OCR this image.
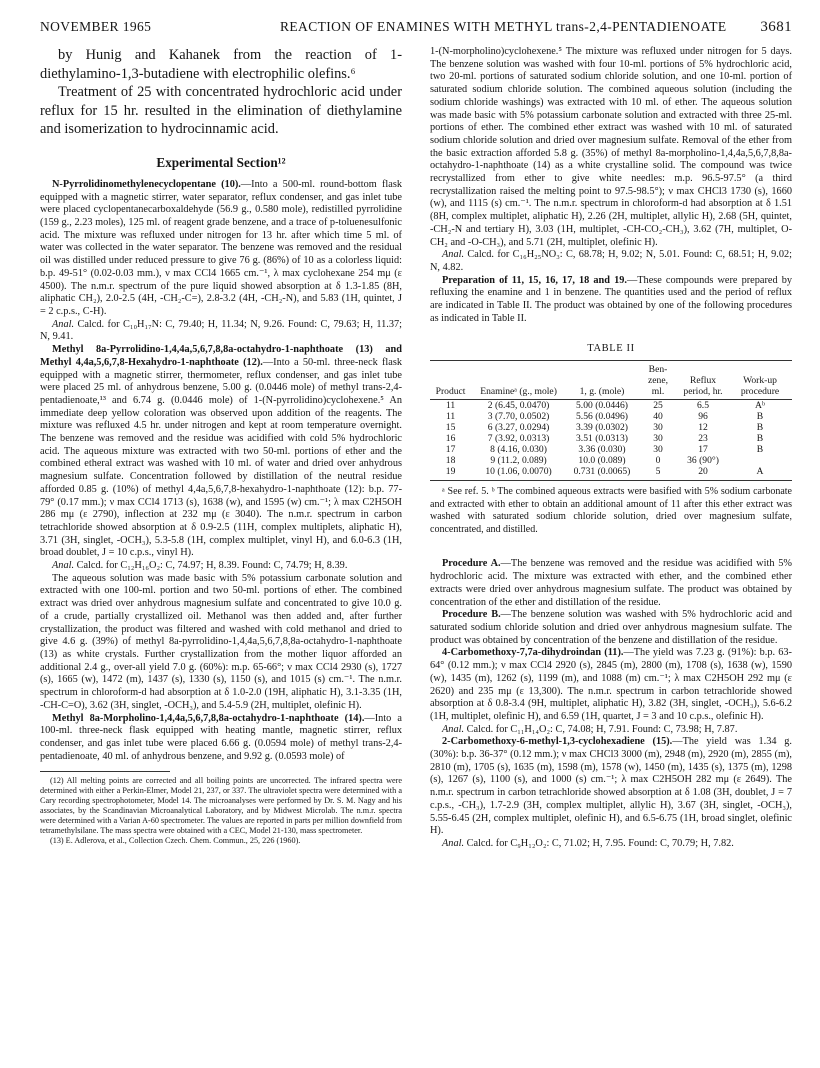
NOVEMBER 1965	REACTION OF ENAMINES WITH METHYL trans-2,4-PENTADIENOATE 3681

by Hunig and Kahanek from the reaction of 1-diethylamino-1,3-butadiene with electrophilic olefins.⁶

Treatment of 25 with concentrated hydrochloric acid under reflux for 15 hr. resulted in the elimination of diethylamine and isomerization to hydrocinnamic acid.

Experimental Section¹²

N-Pyrrolidinomethylenecyclopentane (10).—Into a 500-ml. round-bottom flask equipped with a magnetic stirrer, water separator, reflux condenser, and gas inlet tube were placed cyclopentanecarboxaldehyde (56.9 g., 0.580 mole), redistilled pyrrolidine (159 g., 2.23 moles), 125 ml. of reagent grade benzene, and a trace of p-toluenesulfonic acid. The mixture was refluxed under nitrogen for 13 hr. after which time 5 ml. of water was collected in the water separator. The benzene was removed and the residual oil was distilled under reduced pressure to give 76 g. (86%) of 10 as a colorless liquid: b.p. 49-51° (0.02-0.03 mm.), ν max CCl4 1665 cm.⁻¹, λ max cyclohexane 254 mμ (ε 4500). The n.m.r. spectrum of the pure liquid showed absorption at δ 1.3-1.85 (8H, aliphatic CH₂), 2.0-2.5 (4H, -CH₂-C=), 2.8-3.2 (4H, -CH₂-N), and 5.83 (1H, quintet, J = 2 c.p.s., C-H).

Anal. Calcd. for C₁₀H₁₇N: C, 79.40; H, 11.34; N, 9.26. Found: C, 79.63; H, 11.37; N, 9.41.

Methyl 8a-Pyrrolidino-1,4,4a,5,6,7,8,8a-octahydro-1-naphthoate (13) and Methyl 4,4a,5,6,7,8-Hexahydro-1-naphthoate (12).—Into a 50-ml. three-neck flask equipped with a magnetic stirrer, thermometer, reflux condenser, and gas inlet tube were placed 25 ml. of anhydrous benzene, 5.00 g. (0.0446 mole) of methyl trans-2,4-pentadienoate,¹³ and 6.74 g. (0.0446 mole) of 1-(N-pyrrolidino)cyclohexene.⁵ An immediate deep yellow coloration was observed upon addition of the reagents. The mixture was refluxed 4.5 hr. under nitrogen and kept at room temperature overnight. The benzene was removed and the residue was acidified with cold 5% hydrochloric acid. The aqueous mixture was extracted with two 50-ml. portions of ether and the combined etheral extract was washed with 10 ml. of water and dried over anhydrous magnesium sulfate. Concentration followed by distillation of the neutral residue afforded 0.85 g. (10%) of methyl 4,4a,5,6,7,8-hexahydro-1-naphthoate (12): b.p. 77-79° (0.17 mm.); ν max CCl4 1713 (s), 1638 (w), and 1595 (w) cm.⁻¹; λ max C2H5OH 286 mμ (ε 2790), inflection at 232 mμ (ε 3040). The n.m.r. spectrum in carbon tetrachloride showed absorption at δ 0.9-2.5 (11H, complex multiplets, aliphatic H), 3.71 (3H, singlet, -OCH₃), 5.3-5.8 (1H, complex multiplet, vinyl H), and 6.0-6.3 (1H, broad doublet, J = 10 c.p.s., vinyl H).

Anal. Calcd. for C₁₂H₁₆O₂: C, 74.97; H, 8.39. Found: C, 74.79; H, 8.39.

The aqueous solution was made basic with 5% potassium carbonate solution and extracted with one 100-ml. portion and two 50-ml. portions of ether. The combined extract was dried over anhydrous magnesium sulfate and concentrated to give 10.0 g. of a crude, partially crystallized oil. Methanol was then added and, after further crystallization, the product was filtered and washed with cold methanol and dried to give 4.6 g. (39%) of methyl 8a-pyrrolidino-1,4,4a,5,6,7,8,8a-octahydro-1-naphthoate (13) as white crystals. Further crystallization from the mother liquor afforded an additional 2.4 g., over-all yield 7.0 g. (60%): m.p. 65-66°; ν max CCl4 2930 (s), 1727 (s), 1665 (w), 1472 (m), 1437 (s), 1330 (s), 1150 (s), and 1015 (s) cm.⁻¹. The n.m.r. spectrum in chloroform-d had absorption at δ 1.0-2.0 (19H, aliphatic H), 3.1-3.35 (1H, -CH-C=O), 3.62 (3H, singlet, -OCH₃), and 5.4-5.9 (2H, multiplet, olefinic H).

Methyl 8a-Morpholino-1,4,4a,5,6,7,8,8a-octahydro-1-naphthoate (14).—Into a 100-ml. three-neck flask equipped with heating mantle, magnetic stirrer, reflux condenser, and gas inlet tube were placed 6.66 g. (0.0594 mole) of methyl trans-2,4-pentadienoate, 40 ml. of anhydrous benzene, and 9.92 g. (0.0593 mole) of

(12) All melting points are corrected and all boiling points are uncorrected. The infrared spectra were determined with either a Perkin-Elmer, Model 21, 237, or 337. The ultraviolet spectra were determined with a Cary recording spectrophotometer, Model 14. The microanalyses were performed by Dr. S. M. Nagy and his associates, by the Scandinavian Microanalytical Laboratory, and by Midwest Microlab. The n.m.r. spectra were determined with a Varian A-60 spectrometer. The values are reported in parts per million downfield from tetramethylsilane. The mass spectra were obtained with a CEC, Model 21-130, mass spectrometer.

(13) E. Adlerova, et al., Collection Czech. Chem. Commun., 25, 226 (1960).

1-(N-morpholino)cyclohexene.⁵ The mixture was refluxed under nitrogen for 5 days. The benzene solution was washed with four 10-ml. portions of 5% hydrochloric acid, two 20-ml. portions of saturated sodium chloride solution, and one 10-ml. portion of saturated sodium chloride solution. The combined aqueous solution (including the sodium chloride washings) was extracted with 10 ml. of ether. The aqueous solution was made basic with 5% potassium carbonate solution and extracted with three 25-ml. portions of ether. The combined ether extract was washed with 10 ml. of saturated sodium chloride solution and dried over magnesium sulfate. Removal of the ether from the basic extraction afforded 5.8 g. (35%) of methyl 8a-morpholino-1,4,4a,5,6,7,8,8a-octahydro-1-naphthoate (14) as a white crystalline solid. The compound was twice recrystallized from ether to give white needles: m.p. 96.5-97.5° (a third recrystallization raised the melting point to 97.5-98.5°); ν max CHCl3 1730 (s), 1660 (w), and 1115 (s) cm.⁻¹. The n.m.r. spectrum in chloroform-d had absorption at δ 1.51 (8H, complex multiplet, aliphatic H), 2.26 (2H, multiplet, allylic H), 2.68 (5H, quintet, -CH₂-N and tertiary H), 3.03 (1H, multiplet, -CH-CO₂-CH₃), 3.62 (7H, multiplet, O-CH₂ and -O-CH₃), and 5.71 (2H, multiplet, olefinic H).

Anal. Calcd. for C₁₆H₂₅NO₃: C, 68.78; H, 9.02; N, 5.01. Found: C, 68.51; H, 9.02; N, 4.82.

Preparation of 11, 15, 16, 17, 18 and 19.—These compounds were prepared by refluxing the enamine and 1 in benzene. The quantities used and the period of reflux are indicated in Table II. The product was obtained by one of the following procedures as indicated in Table II.

TABLE II

Product	Enamineᵃ (g., mole)	1, g. (mole)	Ben-zene, ml.	Reflux period, hr.	Work-up procedure
11	2 (6.45, 0.0470)	5.00 (0.0446)	25	6.5	Aᵇ
11	3 (7.70, 0.0502)	5.56 (0.0496)	40	96	B
15	6 (3.27, 0.0294)	3.39 (0.0302)	30	12	B
16	7 (3.92, 0.0313)	3.51 (0.0313)	30	23	B
17	8 (4.16, 0.030)	3.36 (0.030)	30	17	B
18	9 (11.2, 0.089)	10.0 (0.089)	0	36 (90°)	
19	10 (1.06, 0.0070)	0.731 (0.0065)	5	20	A

ᵃ See ref. 5. ᵇ The combined aqueous extracts were basified with 5% sodium carbonate and extracted with ether to obtain an additional amount of 11 after this ether extract was washed with saturated sodium chloride solution, dried over magnesium sulfate, concentrated, and distilled.

Procedure A.—The benzene was removed and the residue was acidified with 5% hydrochloric acid. The mixture was extracted with ether, and the combined ether extracts were dried over anhydrous magnesium sulfate. The product was obtained by concentration of the ether and distillation of the residue.

Procedure B.—The benzene solution was washed with 5% hydrochloric acid and saturated sodium chloride solution and dried over anhydrous magnesium sulfate. The product was obtained by concentration of the benzene and distillation of the residue.

4-Carbomethoxy-7,7a-dihydroindan (11).—The yield was 7.23 g. (91%): b.p. 63-64° (0.12 mm.); ν max CCl4 2920 (s), 2845 (m), 2800 (m), 1708 (s), 1638 (w), 1590 (w), 1435 (m), 1262 (s), 1199 (m), and 1088 (m) cm.⁻¹; λ max C2H5OH 292 mμ (ε 2620) and 235 mμ (ε 13,300). The n.m.r. spectrum in carbon tetrachloride showed absorption at δ 0.8-3.4 (9H, multiplet, aliphatic H), 3.82 (3H, singlet, -OCH₃), 5.6-6.2 (1H, multiplet, olefinic H), and 6.59 (1H, quartet, J = 3 and 10 c.p.s., olefinic H).

Anal. Calcd. for C₁₁H₁₄O₂: C, 74.08; H, 7.91. Found: C, 73.98; H, 7.87.

2-Carbomethoxy-6-methyl-1,3-cyclohexadiene (15).—The yield was 1.34 g. (30%): b.p. 36-37° (0.12 mm.); ν max CHCl3 3000 (m), 2948 (m), 2920 (m), 2855 (m), 2810 (m), 1705 (s), 1635 (m), 1598 (m), 1578 (w), 1450 (m), 1435 (s), 1375 (m), 1298 (s), 1267 (s), 1100 (s), and 1000 (s) cm.⁻¹; λ max C2H5OH 282 mμ (ε 2649). The n.m.r. spectrum in carbon tetrachloride showed absorption at δ 1.08 (3H, doublet, J = 7 c.p.s., -CH₃), 1.7-2.9 (3H, complex multiplet, allylic H), 3.67 (3H, singlet, -OCH₃), 5.55-6.45 (2H, complex multiplet, olefinic H), and 6.5-6.75 (1H, broad singlet, olefinic H).

Anal. Calcd. for C₉H₁₂O₂: C, 71.02; H, 7.95. Found: C, 70.79; H, 7.82.
